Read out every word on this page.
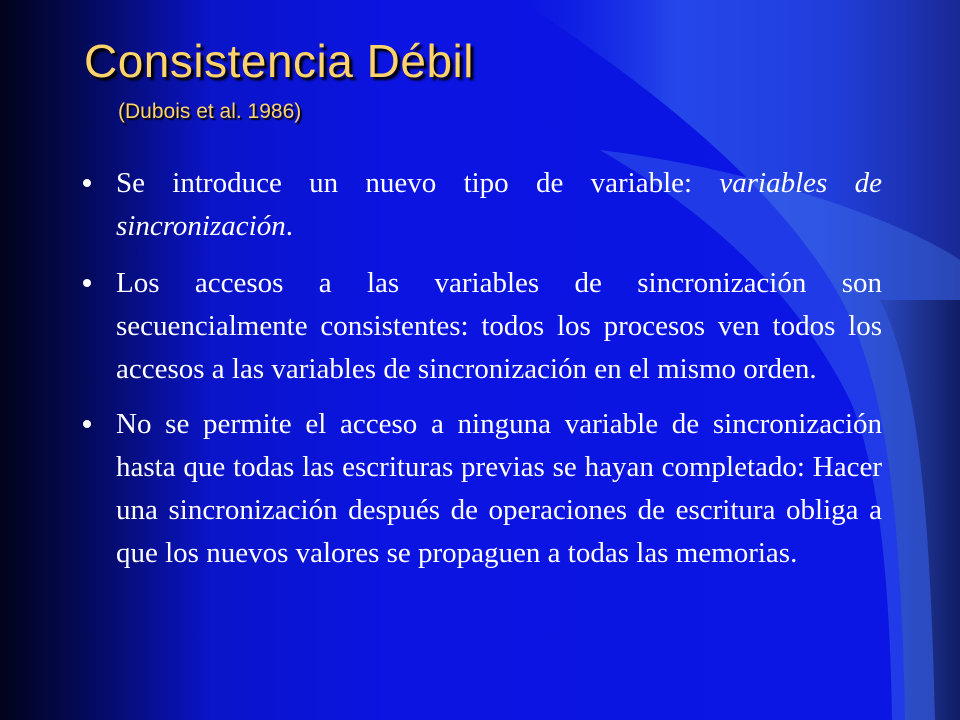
Consistencia Débil
(Dubois et al. 1986)
Se introduce un nuevo tipo de variable: variables de sincronización.
Los accesos a las variables de sincronización son secuencialmente consistentes: todos los procesos ven todos los accesos a las variables de sincronización en el mismo orden.
No se permite el acceso a ninguna variable de sincronización hasta que todas las escrituras previas se hayan completado: Hacer una sincronización después de operaciones de escritura obliga a que los nuevos valores se propaguen a todas las memorias.
